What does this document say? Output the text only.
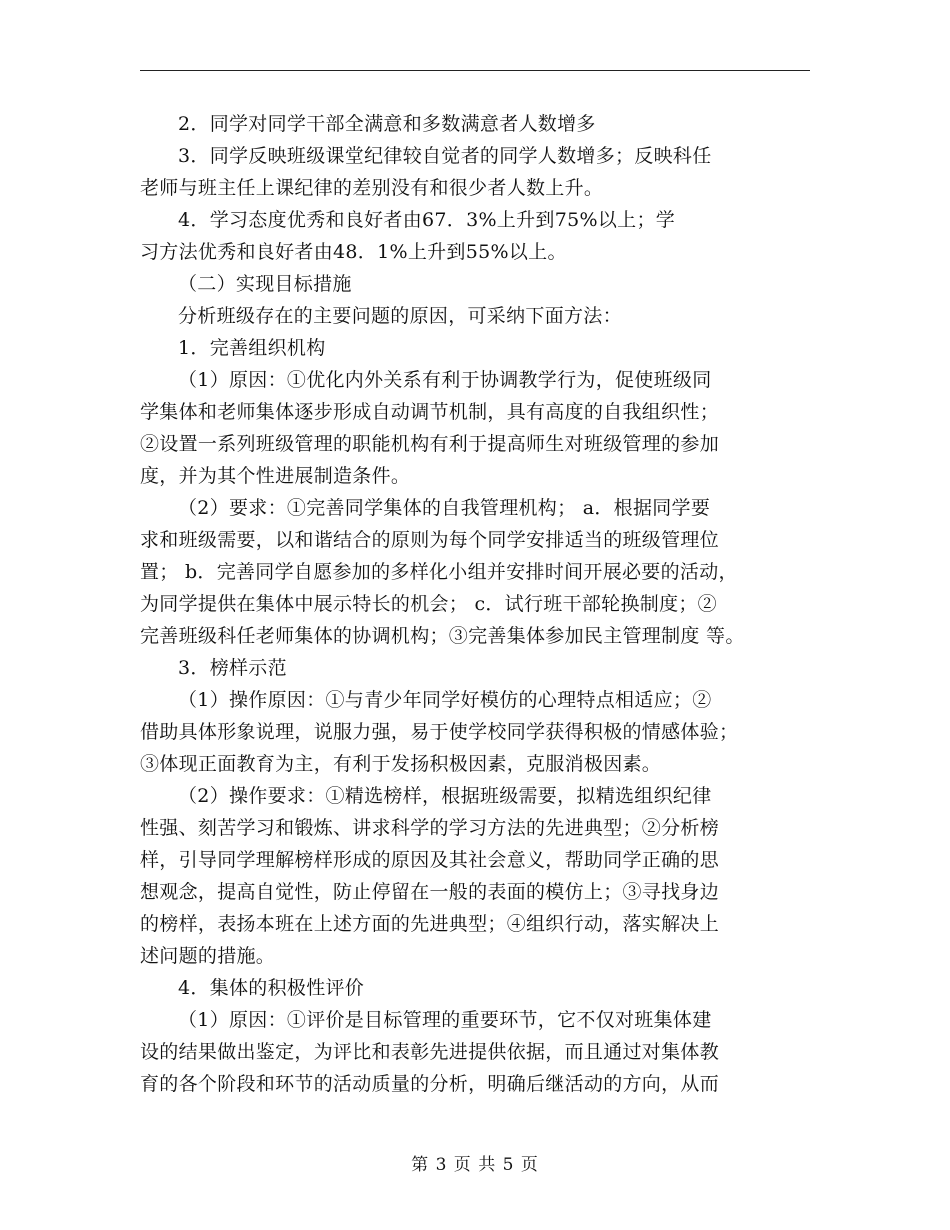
2．同学对同学干部全满意和多数满意者人数增多
3．同学反映班级课堂纪律较自觉者的同学人数增多；反映科任
老师与班主任上课纪律的差别没有和很少者人数上升。
4．学习态度优秀和良好者由67．3%上升到75%以上；学
习方法优秀和良好者由48．1%上升到55%以上。
（二）实现目标措施
分析班级存在的主要问题的原因，可采纳下面方法：
1．完善组织机构
（1）原因：①优化内外关系有利于协调教学行为，促使班级同
学集体和老师集体逐步形成自动调节机制，具有高度的自我组织性；
②设置一系列班级管理的职能机构有利于提高师生对班级管理的参加
度，并为其个性进展制造条件。
（2）要求：①完善同学集体的自我管理机构； a．根据同学要
求和班级需要，以和谐结合的原则为每个同学安排适当的班级管理位
置； b．完善同学自愿参加的多样化小组并安排时间开展必要的活动，
为同学提供在集体中展示特长的机会； c．试行班干部轮换制度；②
完善班级科任老师集体的协调机构；③完善集体参加民主管理制度 等。
3．榜样示范
（1）操作原因：①与青少年同学好模仿的心理特点相适应；②
借助具体形象说理，说服力强，易于使学校同学获得积极的情感体验；
③体现正面教育为主，有利于发扬积极因素，克服消极因素。
（2）操作要求：①精选榜样，根据班级需要，拟精选组织纪律
性强、刻苦学习和锻炼、讲求科学的学习方法的先进典型；②分析榜
样，引导同学理解榜样形成的原因及其社会意义，帮助同学正确的思
想观念，提高自觉性，防止停留在一般的表面的模仿上；③寻找身边
的榜样，表扬本班在上述方面的先进典型；④组织行动，落实解决上
述问题的措施。
4．集体的积极性评价
（1）原因：①评价是目标管理的重要环节，它不仅对班集体建
设的结果做出鉴定，为评比和表彰先进提供依据，而且通过对集体教
育的各个阶段和环节的活动质量的分析，明确后继活动的方向，从而
第 3 页 共 5 页
